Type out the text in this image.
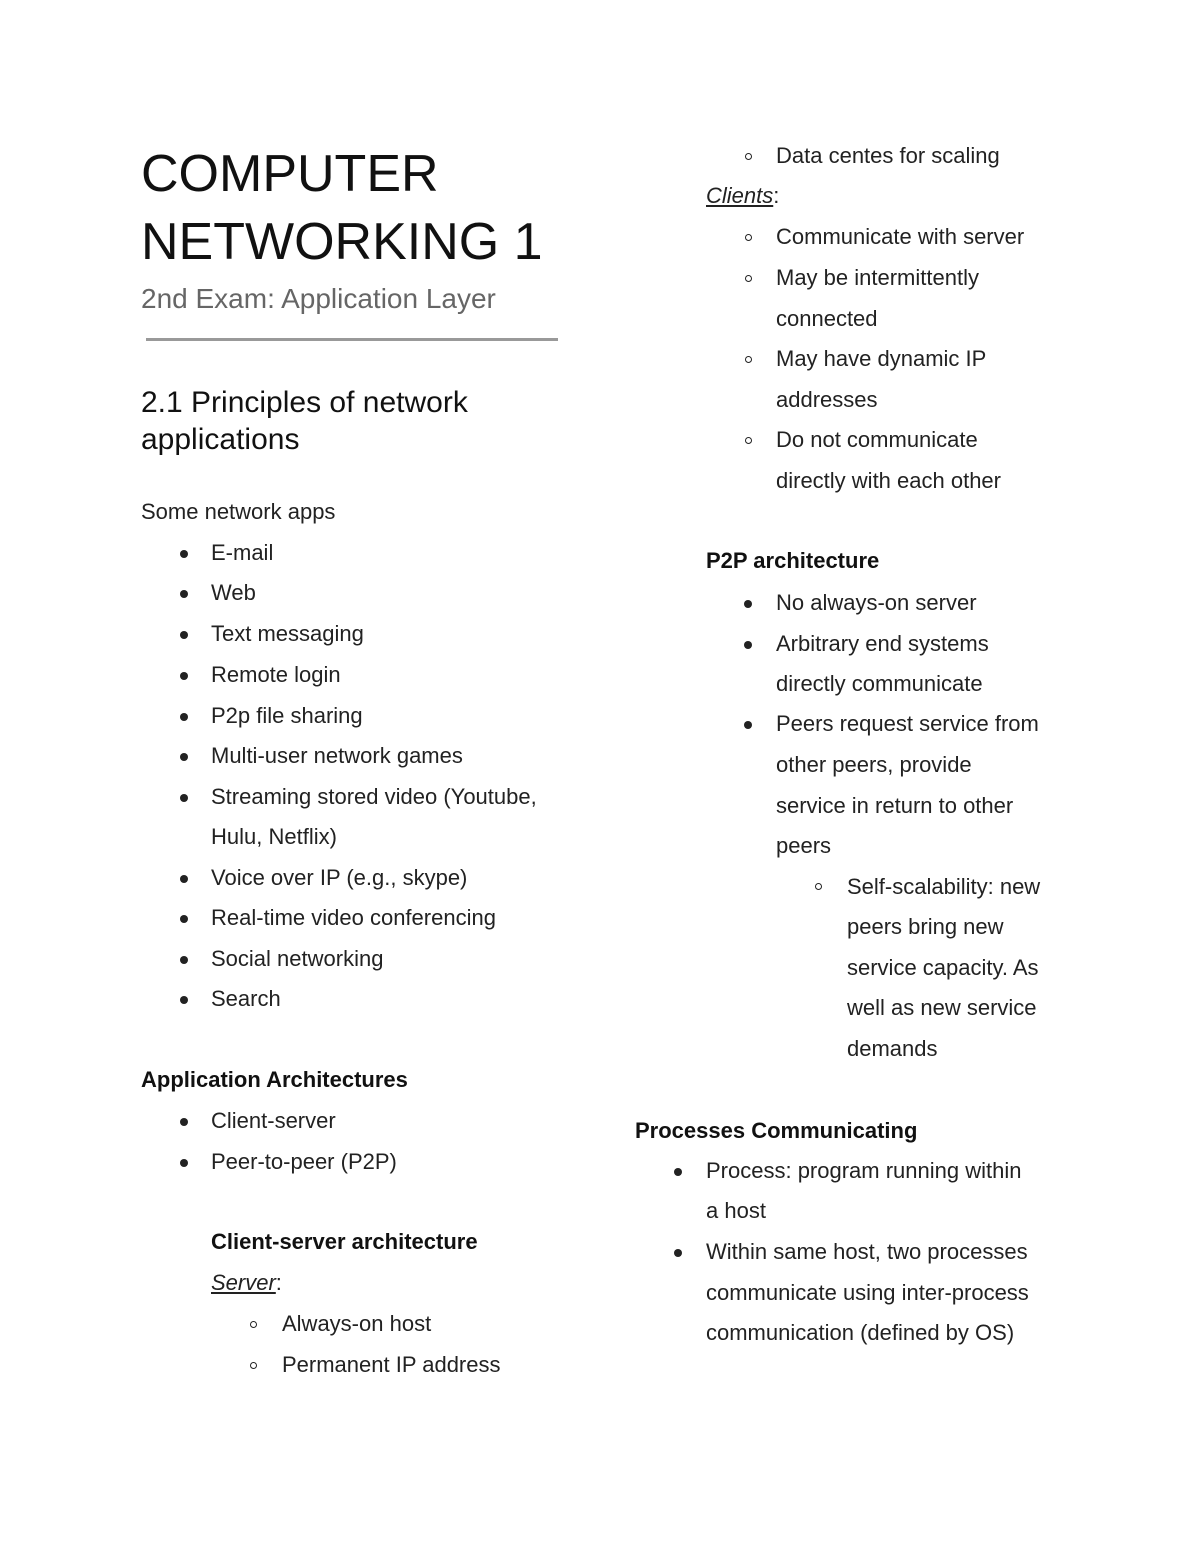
COMPUTER
NETWORKING 1
2nd Exam: Application Layer
2.1 Principles of network
applications
Some network apps
E-mail
Web
Text messaging
Remote login
P2p file sharing
Multi-user network games
Streaming stored video (Youtube,
Hulu, Netflix)
Voice over IP (e.g., skype)
Real-time video conferencing
Social networking
Search
Application Architectures
Client-server
Peer-to-peer (P2P)
Client-server architecture
Server:
Always-on host
Permanent IP address
Data centes for scaling
Clients:
Communicate with server
May be intermittently
connected
May have dynamic IP
addresses
Do not communicate
directly with each other
P2P architecture
No always-on server
Arbitrary end systems
directly communicate
Peers request service from
other peers, provide
service in return to other
peers
Self-scalability: new
peers bring new
service capacity. As
well as new service
demands
Processes Communicating
Process: program running within
a host
Within same host, two processes
communicate using inter-process
communication (defined by OS)
